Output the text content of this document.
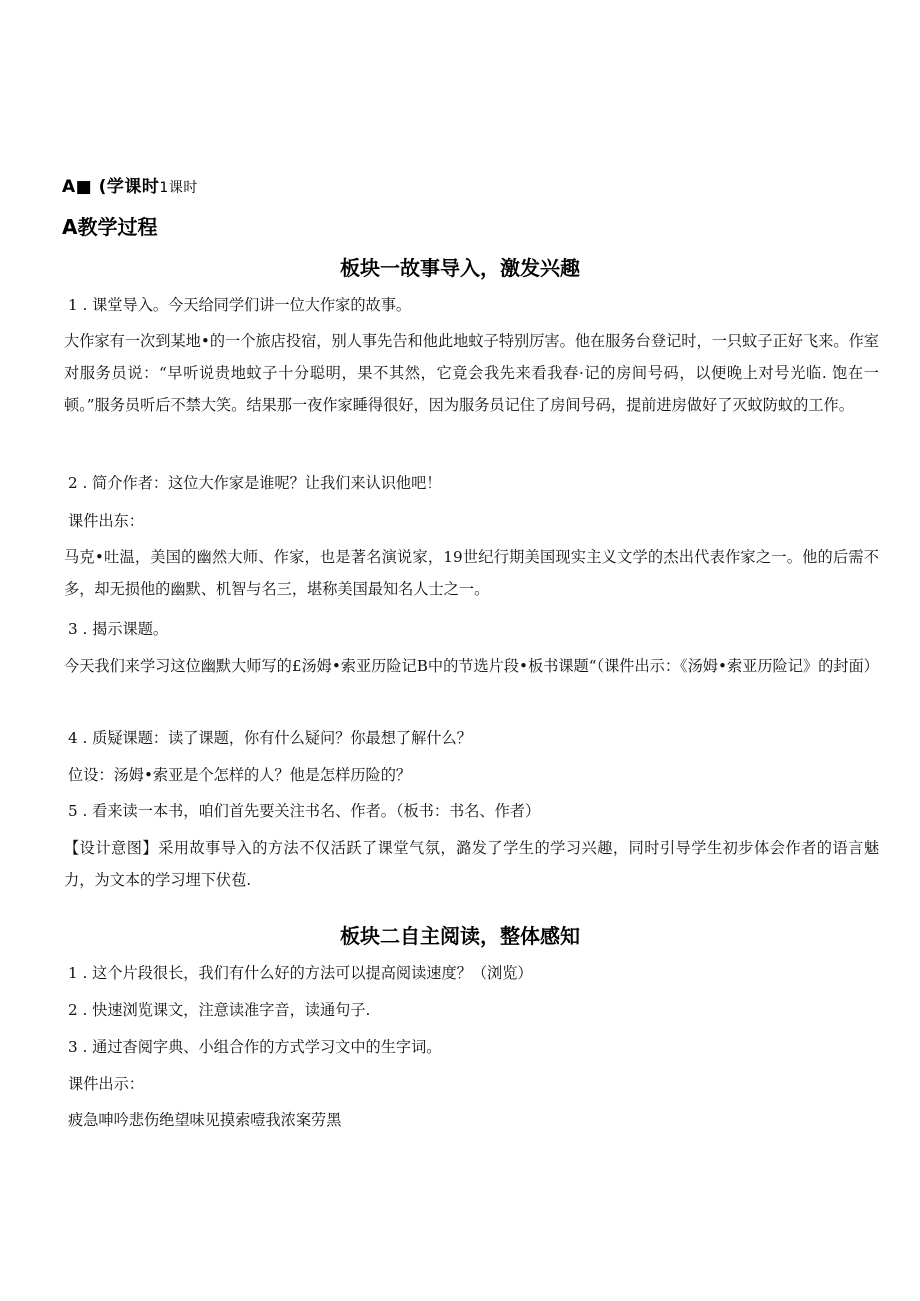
A■ (学课时1课时
A教学过程
板块一故事导入，激发兴趣
1 . 课堂导入。今天给同学们讲一位大作家的故事。
大作家有一次到某地•的一个旅店投宿，别人事先告和他此地蚊子特别厉害。他在服务台登记时，一只蚊子正好飞来。作室对服务员说：“早听说贵地蚊子十分聪明，果不其然，它竟会我先来看我春·记的房间号码，以便晚上对号光临. 饱在一顿。”服务员听后不禁大笑。结果那一夜作家睡得很好，因为服务员记住了房间号码，提前进房做好了灭蚊防蚊的工作。
2 . 简介作者：这位大作家是谁呢？让我们来认识他吧！
课件出东：
马克•吐温，美国的幽然大师、作家，也是著名演说家，19世纪行期美国现实主义文学的杰出代表作家之一。他的后需不多，却无损他的幽默、机智与名三，堪称美国最知名人士之一。
3 . 揭示课题。
今天我们来学习这位幽默大师写的£汤姆•索亚历险记B中的节选片段•板书课题“（课件出示：《汤姆•索亚历险记》的封面）
4 . 质疑课题：读了课题，你有什么疑问？你最想了解什么？
位设：汤姆•索亚是个怎样的人？他是怎样历险的？
5 . 看来读一本书，咱们首先要关注书名、作者。（板书：书名、作者）
【设计意图】采用故事导入的方法不仅活跃了课堂气氛，潞发了学生的学习兴趣，同时引导学生初步体会作者的语言魅力，为文本的学习埋下伏苞.
板块二自主阅读，整体感知
1 . 这个片段很长，我们有什么好的方法可以提高阅读速度？（浏览）
2 . 快速浏览课文，注意读准字音，读通句子.
3 . 通过杳阅字典、小组合作的方式学习文中的生字词。
课件出示：
疲急呻吟悲伤绝望味见摸索噎我浓案劳黑
